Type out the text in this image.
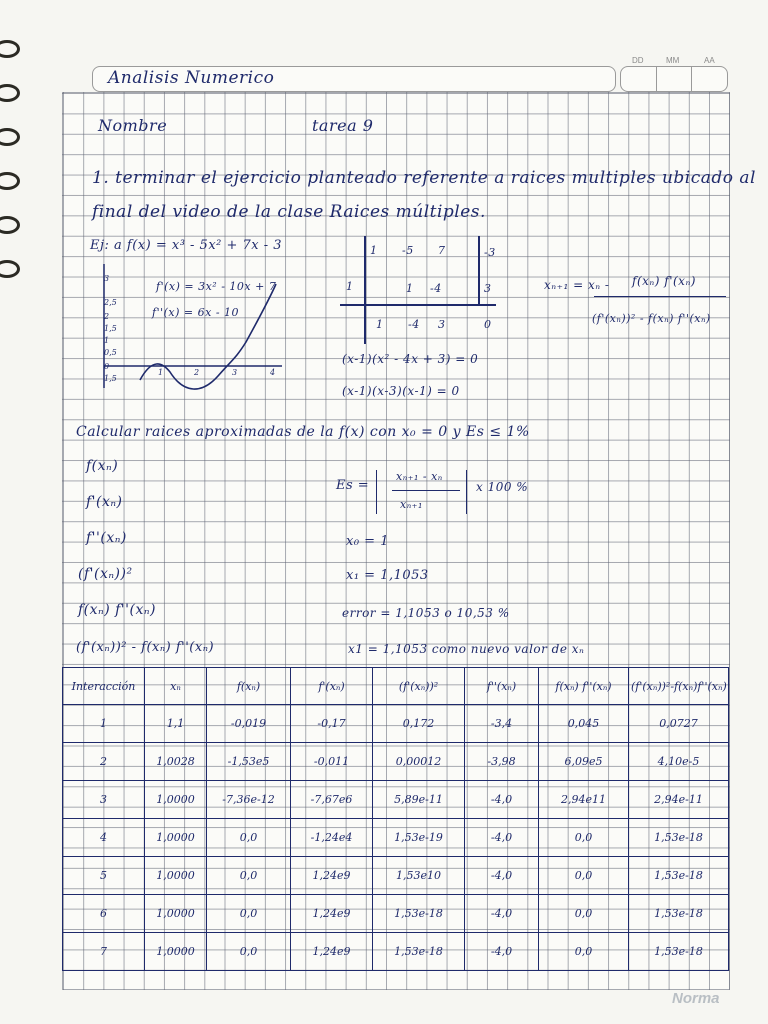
DD	MM	AA
Analisis Numerico
Nombre	tarea 9
1. terminar el ejercicio planteado referente a raices multiples ubicado al
final del video de la clase Raices múltiples.
Ej: a f(x) = x³ - 5x² + 7x - 3
f'(x) = 3x² - 10x + 7
f''(x) = 6x - 10
3
2,5
2
1,5
1
0,5
0
1,5
1	2	3	4
1 -5 7	-3
1	1 -4	3
1 -4 3	0
(x-1)(x² - 4x + 3) = 0
(x-1)(x-3)(x-1) = 0
xₙ₊₁ = xₙ - f(xₙ) f'(xₙ)
(f'(xₙ))² - f(xₙ) f''(xₙ)
Calcular raices aproximadas de la f(x) con x₀ = 0 y Es ≤ 1%
f(xₙ)
f'(xₙ)
f''(xₙ)
(f'(xₙ))²
f(xₙ) f''(xₙ)
(f'(xₙ))² - f(xₙ) f''(xₙ)
Es =
xₙ₊₁ - xₙ
xₙ₊₁
x 100 %
x₀ = 1
x₁ = 1,1053
error = 1,1053 o 10,53 %
x1 = 1,1053 como nuevo valor de xₙ
Interacción	xₙ	f(xₙ)	f'(xₙ)	(f'(xₙ))²	f''(xₙ)	f(xₙ) f''(xₙ)	(f'(xₙ))²-f(xₙ)f''(xₙ)
1	1,1	-0,019	-0,17	0,172	-3,4	0,045	0,0727
2	1,0028	-1,53e5	-0,011	0,00012	-3,98	6,09e5	4,10e-5
3	1,0000	-7,36e-12	-7,67e6	5,89e-11	-4,0	2,94e11	2,94e-11
4	1,0000	0,0	-1,24e4	1,53e-19	-4,0	0,0	1,53e-18
5	1,0000	0,0	1,24e9	1,53e10	-4,0	0,0	1,53e-18
6	1,0000	0,0	1,24e9	1,53e-18	-4,0	0,0	1,53e-18
7	1,0000	0,0	1,24e9	1,53e-18	-4,0	0,0	1,53e-18
Norma
